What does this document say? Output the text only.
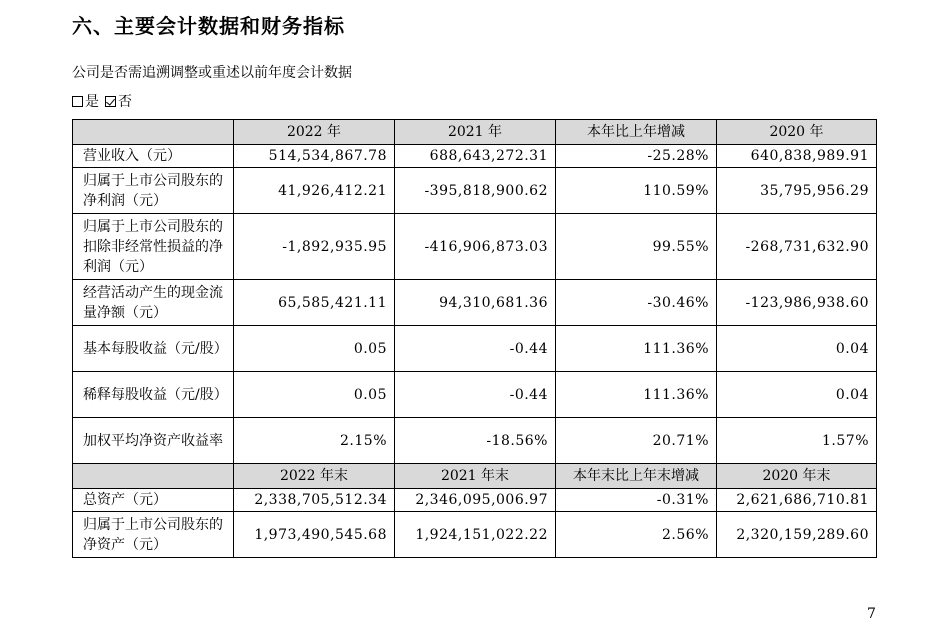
六、主要会计数据和财务指标
公司是否需追溯调整或重述以前年度会计数据
是 否
	2022 年	2021 年	本年比上年增减	2020 年
营业收入（元）	514,534,867.78	688,643,272.31	-25.28%	640,838,989.91
归属于上市公司股东的净利润（元）	41,926,412.21	-395,818,900.62	110.59%	35,795,956.29
归属于上市公司股东的扣除非经常性损益的净利润（元）	-1,892,935.95	-416,906,873.03	99.55%	-268,731,632.90
经营活动产生的现金流量净额（元）	65,585,421.11	94,310,681.36	-30.46%	-123,986,938.60
基本每股收益（元/股）	0.05	-0.44	111.36%	0.04
稀释每股收益（元/股）	0.05	-0.44	111.36%	0.04
加权平均净资产收益率	2.15%	-18.56%	20.71%	1.57%
	2022 年末	2021 年末	本年末比上年末增减	2020 年末
总资产（元）	2,338,705,512.34	2,346,095,006.97	-0.31%	2,621,686,710.81
归属于上市公司股东的净资产（元）	1,973,490,545.68	1,924,151,022.22	2.56%	2,320,159,289.60
7
